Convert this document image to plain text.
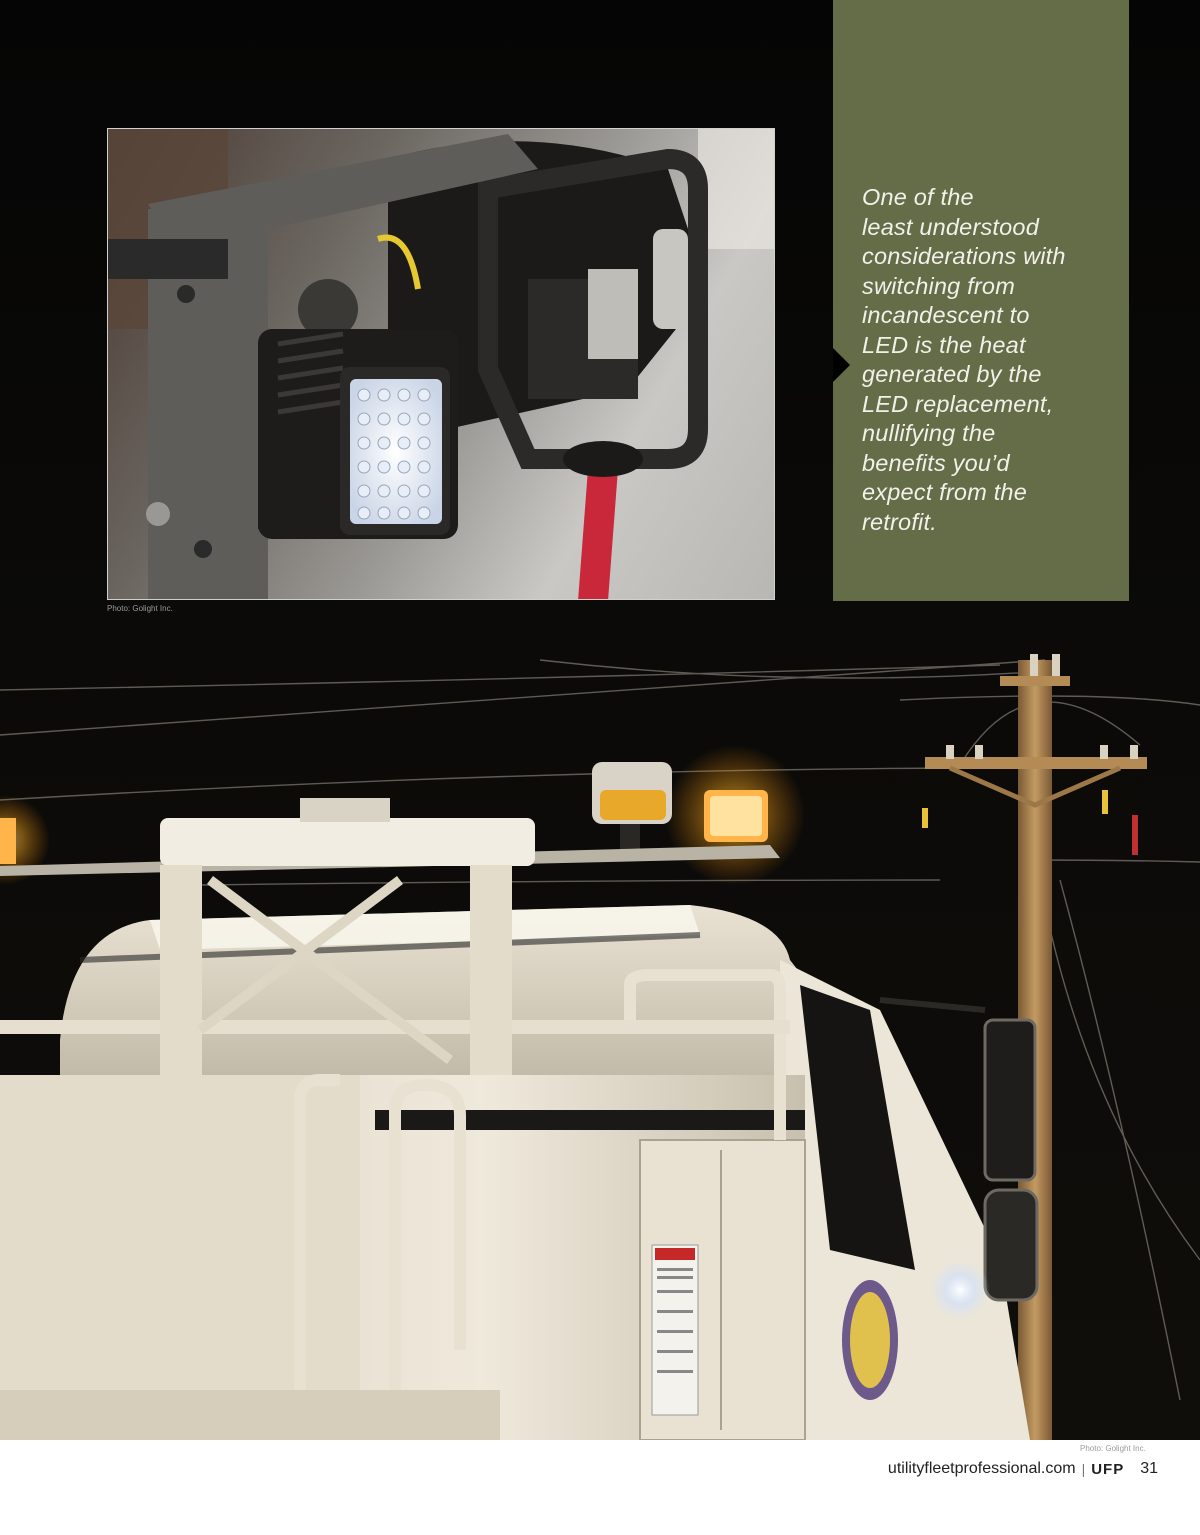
Photo: Golight Inc.
One of the
least understood
considerations with
switching from
incandescent to
LED is the heat
generated by the
LED replacement,
nullifying the
benefits you’d
expect from the
retrofit.
Photo: Golight Inc.
utilityfleetprofessional.com | UFP 31
